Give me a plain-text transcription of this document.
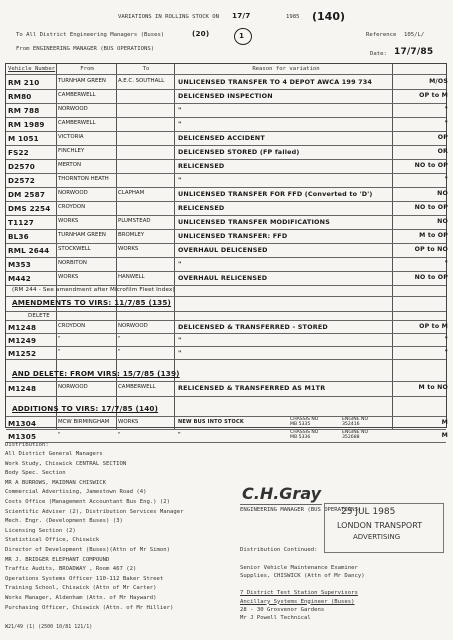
VARIATIONS IN ROLLING STOCK ON 17/7	1985 (140)
Reference 105/L/
To All District Engineering Managers (Buses)	(20)	1
From ENGINEERING MANAGER (BUS OPERATIONS)
Date: 17/7/85
Vehicle Number	From	To	Reason for variation
RM 210	TURNHAM GREEN	A.E.C. SOUTHALL	UNLICENSED TRANSFER TO 4 DEPOT AWCA 199 734	M/OS
RM80	CAMBERWELL	DELICENSED INSPECTION	OP to M
RM 788	NORWOOD	"	"
RM 1989	CAMBERWELL	"	"
M 1051	VICTORIA	DELICENSED ACCIDENT	OP
FS22	FINCHLEY	DELICENSED STORED (FP failed)	OR
D2570	MERTON	RELICENSED	NO to OP
D2572	THORNTON HEATH	"	"
DM 2587	NORWOOD	CLAPHAM	UNLICENSED TRANSFER FOR FFD (Converted to 'D')	NO
DMS 2254	CROYDON	RELICENSED	NO to OP
T1127	WORKS	PLUMSTEAD	UNLICENSED TRANSFER MODIFICATIONS	NO
BL36	TURNHAM GREEN	BROMLEY	UNLICENSED TRANSFER: FFD	M to OP
RML 2644	STOCKWELL	WORKS	OVERHAUL DELICENSED	OP to NO
M353	NORBITON	"	"
M442	WORKS	HANWELL	OVERHAUL RELICENSED	NO to OP
(RM 244 - See amendment after Microfilm Fleet Index)
AMENDMENTS TO VIRS: 11/7/85 (135)
DELETE
M1248	CROYDON	NORWOOD	DELICENSED & TRANSFERRED - STORED	OP to M
M1249	"	"	"	"
M1252	"	"	"	"
AND DELETE: FROM VIRS: 15/7/85 (139)
M1248	NORWOOD	CAMBERWELL	RELICENSED & TRANSFERRED AS M1TR	M to NO
ADDITIONS TO VIRS: 17/7/85 (140)
M1304	MCW BIRMINGHAM	WORKS	NEW BUS INTO STOCK	M
CHASSIS NO
MB 5335
ENGINE NO
352416
M1305	"	"	"	M
CHASSIS NO
MB 5336
ENGINE NO
352688
C.H.Gray
ENGINEERING MANAGER (BUS OPERATIONS)
25 JUL 1985
LONDON TRANSPORT
ADVERTISING
Distribution:
All District General Managers
Work Study, Chiswick CENTRAL SECTION
Body Spec. Section
MR A BURROWS, MAIDMAN CHISWICK
Commercial Advertising, Jamestown Road (4)
Costs Office (Management Accountant Bus Eng.) (2)
Scientific Adviser (2), Distribution Services Manager
Mech. Engr. (Development Buses) (3)
Licensing Section (2)
Statistical Office, Chiswick
Director of Development (Buses)(Attn of Mr Simon)
MR J. BRIDGER ELEPHANT COMPOUND
Traffic Audits, BROADWAY , Room 467 (2)
Operations Systems Officer 110-112 Baker Street
Training School, Chiswick (Attn of Mr Carter)
Works Manager, Aldenham (Attn. of Mr Hayward)
Purchasing Officer, Chiswick (Attn. of Mr Hillier)
Distribution Continued:
Senior Vehicle Maintenance Examiner
Supplies, CHISWICK (Attn of Mr Dancy)
7 District Test Station Supervisors
Ancillary Systems Engineer (Buses)
28 - 30 Grosvenor Gardens
Mr J Powell Technical
W21/49 (1) (2500 10/81 121/1)
